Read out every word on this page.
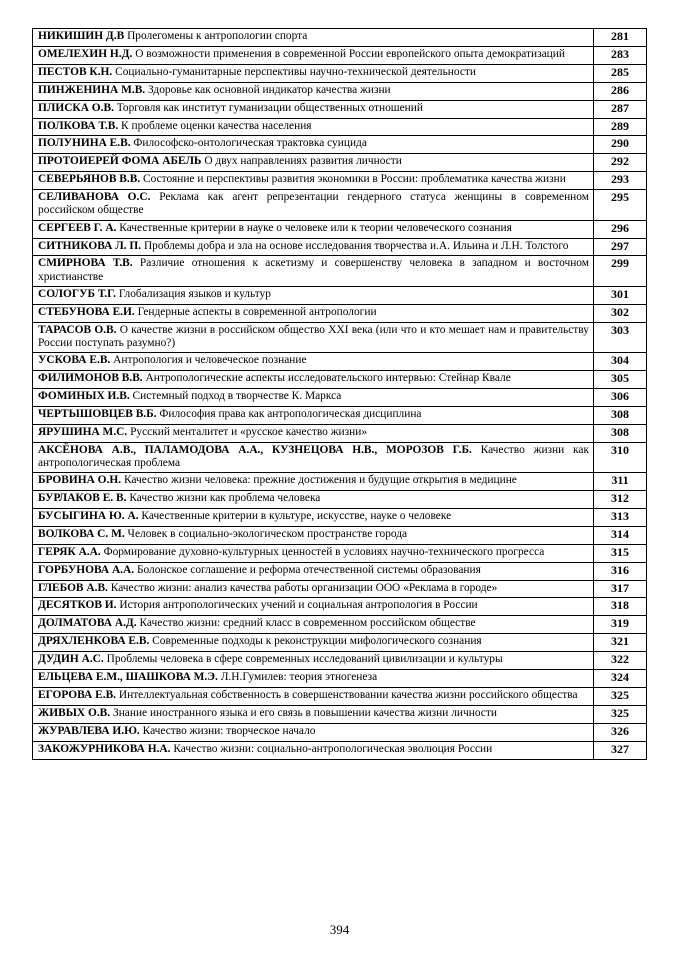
НИКИШИН Д.В Пролегомены к антропологии спорта	281
ОМЕЛЕХИН Н.Д. О возможности применения в современной России европейского опыта демократизаций	283
ПЕСТОВ К.Н. Социально-гуманитарные перспективы научно-технической деятельности	285
ПИНЖЕНИНА М.В. Здоровье как основной индикатор качества жизни	286
ПЛИСКА О.В. Торговля как институт гуманизации общественных отношений	287
ПОЛКОВА Т.В. К проблеме оценки качества населения	289
ПОЛУНИНА Е.В. Философско-онтологическая трактовка суицида	290
ПРОТОИЕРЕЙ ФОМА АБЕЛЬ О двух направлениях развития личности	292
СЕВЕРЬЯНОВ В.В. Состояние и перспективы развития экономики в России: проблематика качества жизни	293
СЕЛИВАНОВА О.С. Реклама как агент репрезентации гендерного статуса женщины в современном российском обществе	295
СЕРГЕЕВ Г. А. Качественные критерии в науке о человеке или к теории человеческого сознания	296
СИТНИКОВА Л. П. Проблемы добра и зла на основе исследования творчества и.А. Ильина и Л.Н. Толстого	297
СМИРНОВА Т.В. Различие отношения к аскетизму и совершенству человека в западном и восточном христианстве	299
СОЛОГУБ Т.Г. Глобализация языков и культур	301
СТЕБУНОВА Е.И. Гендерные аспекты в современной антропологии	302
ТАРАСОВ О.В. О качестве жизни в российском общество XXI века (или что и кто мешает нам и правительству России поступать разумно?)	303
УСКОВА Е.В. Антропология и человеческое познание	304
ФИЛИМОНОВ В.В. Антропологические аспекты исследовательского интервью: Стейнар Квале	305
ФОМИНЫХ И.В. Системный подход в творчестве К. Маркса	306
ЧЕРТЫШОВЦЕВ В.Б. Философия права как антропологическая дисциплина	308
ЯРУШИНА М.С. Русский менталитет и «русское качество жизни»	308
АКСЁНОВА А.В., ПАЛАМОДОВА А.А., КУЗНЕЦОВА Н.В., МОРОЗОВ Г.Б. Качество жизни как антропологическая проблема	310
БРОВИНА О.Н. Качество жизни человека: прежние достижения и будущие открытия в медицине	311
БУРЛАКОВ Е. В. Качество жизни как проблема человека	312
БУСЫГИНА Ю. А. Качественные критерии в культуре, искусстве, науке о человеке	313
ВОЛКОВА С. М. Человек в социально-экологическом пространстве города	314
ГЕРЯК А.А. Формирование духовно-культурных ценностей в условиях научно-технического прогресса	315
ГОРБУНОВА А.А. Болонское соглашение и реформа отечественной системы образования	316
ГЛЕБОВ А.В. Качество жизни: анализ качества работы организации ООО «Реклама в городе»	317
ДЕСЯТКОВ И. История антропологических учений и социальная антропология в России	318
ДОЛМАТОВА А.Д. Качество жизни: средний класс в современном российском обществе	319
ДРЯХЛЕНКОВА Е.В. Современные подходы к реконструкции мифологического сознания	321
ДУДИН А.С. Проблемы человека в сфере современных исследований цивилизации и культуры	322
ЕЛЬЦЕВА Е.М., ШАШКОВА М.Э. Л.Н.Гумилев: теория этногенеза	324
ЕГОРОВА Е.В. Интеллектуальная собственность в совершенствовании качества жизни российского общества	325
ЖИВЫХ О.В. Знание иностранного языка и его связь в повышении качества жизни личности	325
ЖУРАВЛЕВА И.Ю. Качество жизни: творческое начало	326
ЗАКОЖУРНИКОВА Н.А. Качество жизни: социально-антропологическая эволюция России	327
394
